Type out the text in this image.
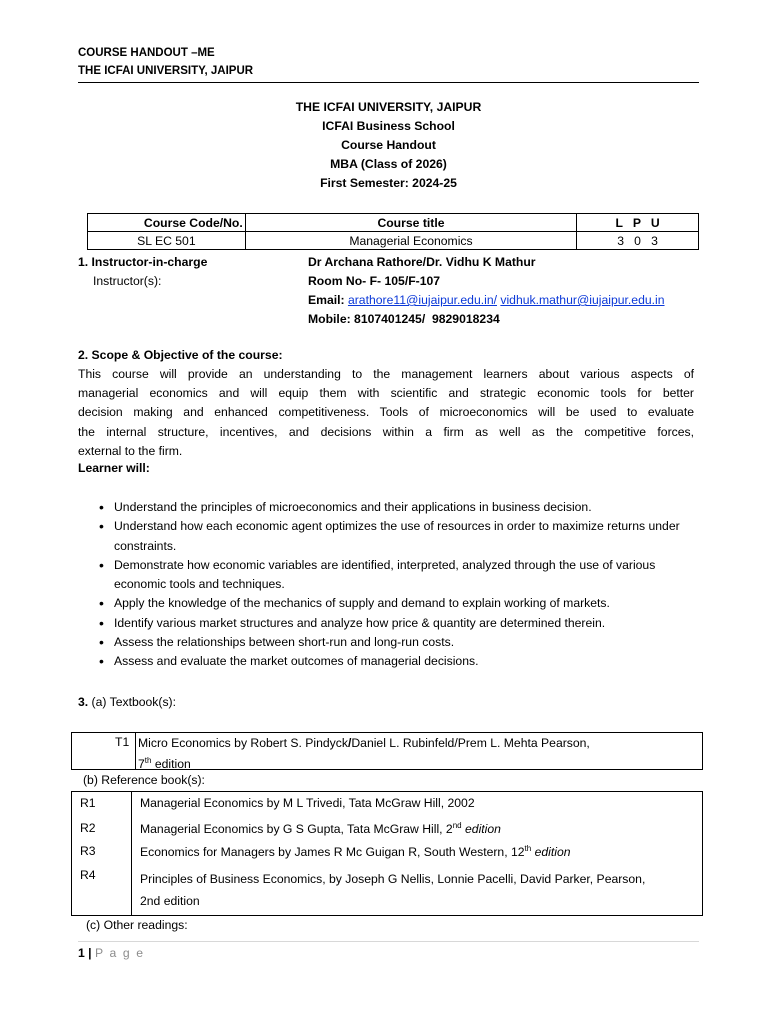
COURSE HANDOUT –ME
THE ICFAI UNIVERSITY, JAIPUR
THE ICFAI UNIVERSITY, JAIPUR
ICFAI Business School
Course Handout
MBA (Class of 2026)
First Semester: 2024-25
Course Code/No.	Course title	L   P   U
SL EC 501	Managerial Economics	3   0   3
1. Instructor-in-charge
Instructor(s):
Dr Archana Rathore/Dr. Vidhu K Mathur
Room No- F- 105/F-107
Email: arathore11@iujaipur.edu.in/ vidhuk.mathur@iujaipur.edu.in
Mobile: 8107401245/  9829018234
2. Scope & Objective of the course:
This course will provide an understanding to the management learners about various aspects of
managerial economics and will equip them with scientific and strategic economic tools for better
decision making and enhanced competitiveness. Tools of microeconomics will be used to evaluate
the internal structure, incentives, and decisions within a firm as well as the competitive forces,
external to the firm.
Learner will:
• Understand the principles of microeconomics and their applications in business decision.
• Understand how each economic agent optimizes the use of resources in order to maximize returns under constraints.
• Demonstrate how economic variables are identified, interpreted, analyzed through the use of various economic tools and techniques.
• Apply the knowledge of the mechanics of supply and demand to explain working of markets.
• Identify various market structures and analyze how price & quantity are determined therein.
• Assess the relationships between short-run and long-run costs.
• Assess and evaluate the market outcomes of managerial decisions.
3. (a) Textbook(s):
T1 Micro Economics by Robert S. Pindyck/Daniel L. Rubinfeld/Prem L. Mehta Pearson,
7th edition
(b) Reference book(s):
R1	Managerial Economics by M L Trivedi, Tata McGraw Hill, 2002
R2	Managerial Economics by G S Gupta, Tata McGraw Hill, 2nd edition
R3	Economics for Managers by James R Mc Guigan R, South Western, 12th edition
R4	Principles of Business Economics, by Joseph G Nellis, Lonnie Pacelli, David Parker, Pearson,
2nd edition
(c) Other readings:
1 | P a g e
